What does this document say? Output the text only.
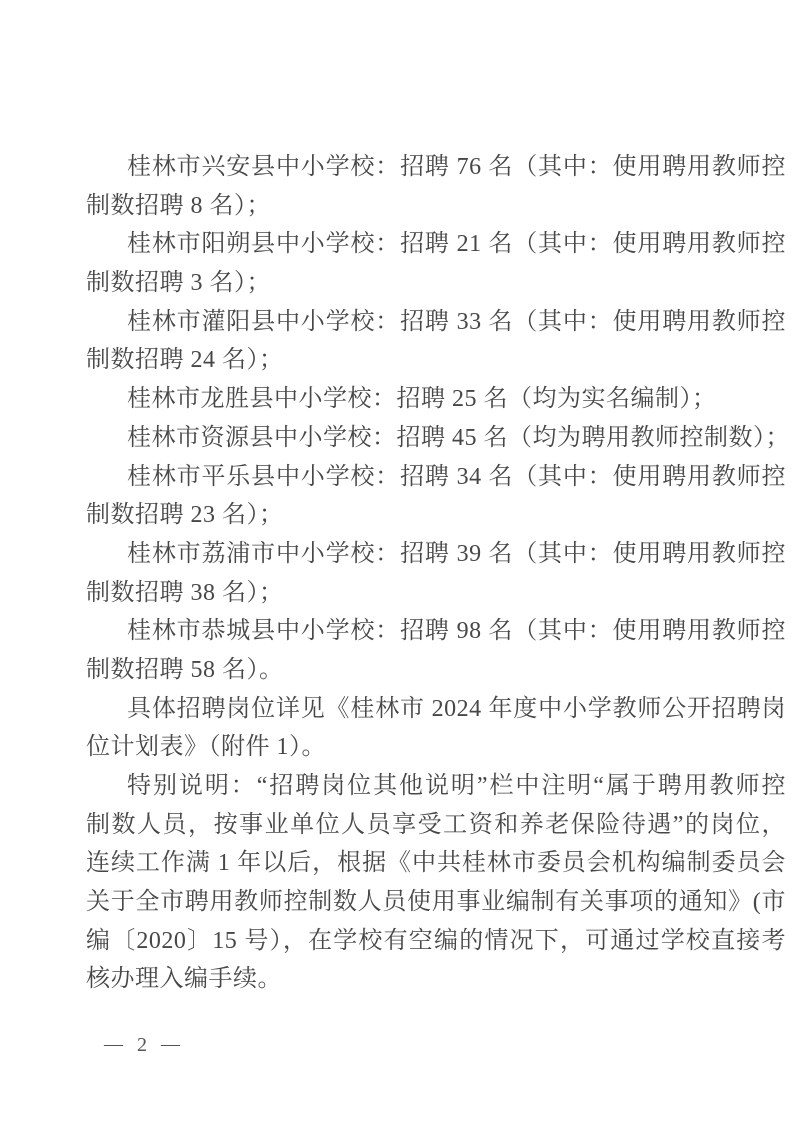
桂林市兴安县中小学校：招聘 76 名（其中：使用聘用教师控
制数招聘 8 名）；
桂林市阳朔县中小学校：招聘 21 名（其中：使用聘用教师控
制数招聘 3 名）；
桂林市灌阳县中小学校：招聘 33 名（其中：使用聘用教师控
制数招聘 24 名）；
桂林市龙胜县中小学校：招聘 25 名（均为实名编制）；
桂林市资源县中小学校：招聘 45 名（均为聘用教师控制数）；
桂林市平乐县中小学校：招聘 34 名（其中：使用聘用教师控
制数招聘 23 名）；
桂林市荔浦市中小学校：招聘 39 名（其中：使用聘用教师控
制数招聘 38 名）；
桂林市恭城县中小学校：招聘 98 名（其中：使用聘用教师控
制数招聘 58 名）。
具体招聘岗位详见《桂林市 2024 年度中小学教师公开招聘岗
位计划表》（附件 1）。
特别说明：“招聘岗位其他说明”栏中注明“属于聘用教师控
制数人员，按事业单位人员享受工资和养老保险待遇”的岗位，
连续工作满 1 年以后，根据《中共桂林市委员会机构编制委员会
关于全市聘用教师控制数人员使用事业编制有关事项的通知》(市
编〔2020〕15 号），在学校有空编的情况下，可通过学校直接考
核办理入编手续。
— 2 —
